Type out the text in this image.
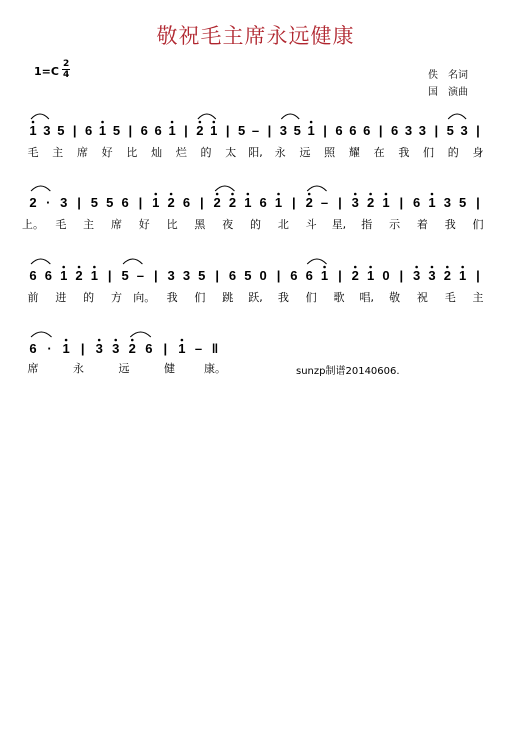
敬祝毛主席永远健康
1=C
2
4	佚　名词
国　演曲
1 3 5 | 6 1 5 | 6 6 1 | 2 1 | 5 – | 3 5 1 | 6 6 6 | 6 3 3 | 5 3 |
2 · 3 | 5 5 6 | 1 2 6 | 2 2 1 6 1 | 2 – | 3 2 1 | 6 1 3 5 |
6 6 1 2 1 | 5 – | 3 3 5 | 6 5 0 | 6 6 1 | 2 1 0 | 3 3 2 1 |
6 · 1 | 3 3 2 6 | 1 – ‖
毛 主 席 好 比 灿 烂 的 太 阳, 永 远 照 耀 在 我 们 的 身
上。 毛 主 席 好 比 黑 夜 的 北 斗 星, 指 示 着 我 们
前 进 的 方 向。 我 们 跳 跃, 我 们 歌 唱, 敬 祝 毛 主
席	永	远	健	康。	sunzp制谱20140606.
